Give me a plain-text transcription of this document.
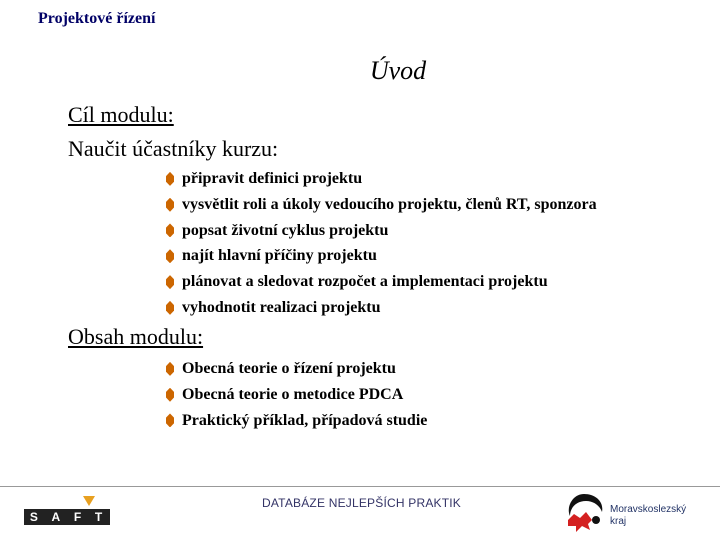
Projektové řízení
Úvod
Cíl modulu:
Naučit účastníky kurzu:
připravit definici projektu
vysvětlit roli a úkoly vedoucího projektu, členů RT, sponzora
popsat životní cyklus projektu
najít hlavní příčiny projektu
plánovat a sledovat rozpočet a implementaci projektu
vyhodnotit realizaci projektu
Obsah modulu:
Obecná teorie o řízení projektu
Obecná teorie o metodice PDCA
Praktický příklad, případová studie
S A F T
DATABÁZE NEJLEPŠÍCH PRAKTIK	Moravskoslezský
kraj
